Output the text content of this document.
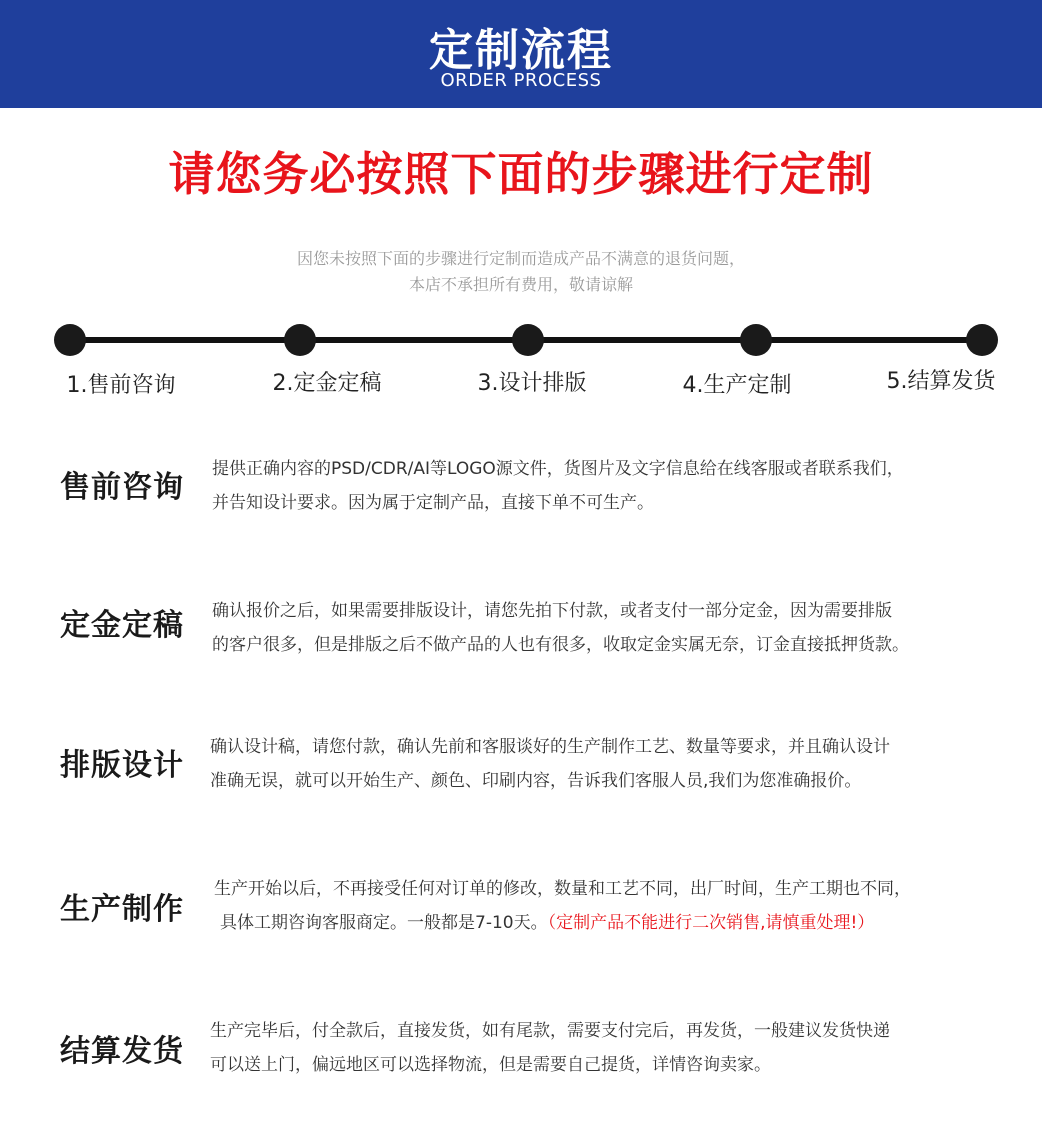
定制流程
ORDER PROCESS
请您务必按照下面的步骤进行定制
因您未按照下面的步骤进行定制而造成产品不满意的退货问题，
本店不承担所有费用，敬请谅解
1.售前咨询	2.定金定稿	3.设计排版	4.生产定制	5.结算发货
售前咨询
提供正确内容的PSD/CDR/AI等LOGO源文件，货图片及文字信息给在线客服或者联系我们，
并告知设计要求。因为属于定制产品，直接下单不可生产。
定金定稿	确认报价之后，如果需要排版设计，请您先拍下付款，或者支付一部分定金，因为需要排版
的客户很多，但是排版之后不做产品的人也有很多，收取定金实属无奈，订金直接抵押货款。
排版设计
确认设计稿，请您付款，确认先前和客服谈好的生产制作工艺、数量等要求，并且确认设计
准确无误，就可以开始生产、颜色、印刷内容，告诉我们客服人员,我们为您准确报价。
生产制作
生产开始以后，不再接受任何对订单的修改，数量和工艺不同，出厂时间，生产工期也不同，
具体工期咨询客服商定。一般都是7-10天。（定制产品不能进行二次销售,请慎重处理!）
结算发货
生产完毕后，付全款后，直接发货，如有尾款，需要支付完后，再发货，一般建议发货快递
可以送上门，偏远地区可以选择物流，但是需要自己提货，详情咨询卖家。
